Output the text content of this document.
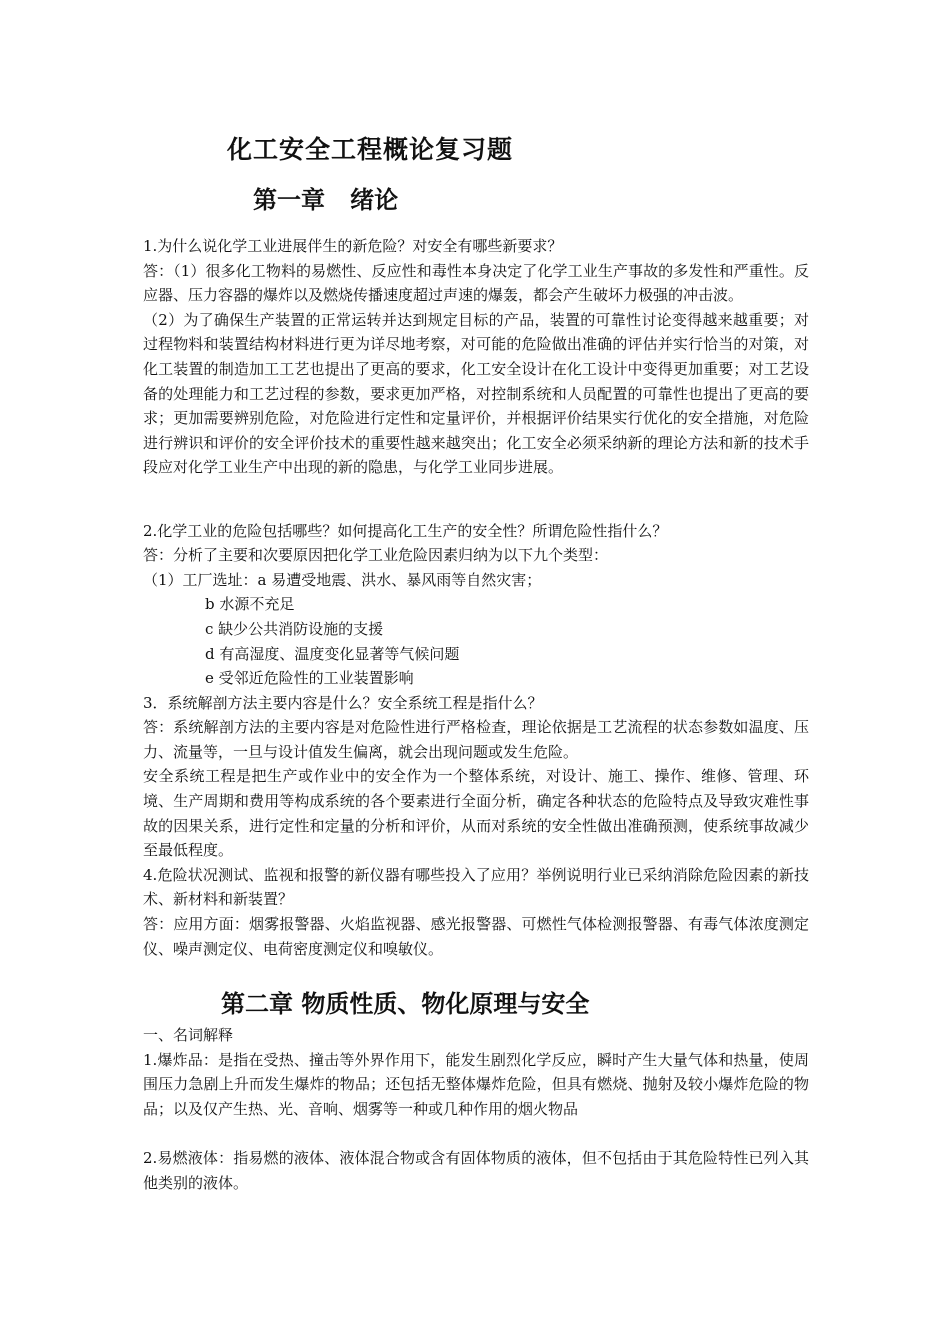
化工安全工程概论复习题
第一章   绪论

1.为什么说化学工业进展伴生的新危险？对安全有哪些新要求？

答：（1）很多化工物料的易燃性、反应性和毒性本身决定了化学工业生产事故的多发性和严重性。反应器、压力容器的爆炸以及燃烧传播速度超过声速的爆轰，都会产生破坏力极强的冲击波。

（2）为了确保生产装置的正常运转并达到规定目标的产品，装置的可靠性讨论变得越来越重要；对过程物料和装置结构材料进行更为详尽地考察，对可能的危险做出准确的评估并实行恰当的对策，对化工装置的制造加工工艺也提出了更高的要求，化工安全设计在化工设计中变得更加重要；对工艺设备的处理能力和工艺过程的参数，要求更加严格，对控制系统和人员配置的可靠性也提出了更高的要求；更加需要辨别危险，对危险进行定性和定量评价，并根据评价结果实行优化的安全措施，对危险进行辨识和评价的安全评价技术的重要性越来越突出；化工安全必须采纳新的理论方法和新的技术手段应对化学工业生产中出现的新的隐患，与化学工业同步进展。

2.化学工业的危险包括哪些？如何提高化工生产的安全性？所谓危险性指什么？

答：分析了主要和次要原因把化学工业危险因素归纳为以下九个类型：

（1）工厂选址：a 易遭受地震、洪水、暴风雨等自然灾害；

b 水源不充足

c 缺少公共消防设施的支援

d 有高湿度、温度变化显著等气候问题

e 受邻近危险性的工业装置影响

3．系统解剖方法主要内容是什么？安全系统工程是指什么？

答：系统解剖方法的主要内容是对危险性进行严格检查，理论依据是工艺流程的状态参数如温度、压力、流量等，一旦与设计值发生偏离，就会出现问题或发生危险。

安全系统工程是把生产或作业中的安全作为一个整体系统，对设计、施工、操作、维修、管理、环境、生产周期和费用等构成系统的各个要素进行全面分析，确定各种状态的危险特点及导致灾难性事故的因果关系，进行定性和定量的分析和评价，从而对系统的安全性做出准确预测，使系统事故减少至最低程度。

4.危险状况测试、监视和报警的新仪器有哪些投入了应用？举例说明行业已采纳消除危险因素的新技术、新材料和新装置？

答：应用方面：烟雾报警器、火焰监视器、感光报警器、可燃性气体检测报警器、有毒气体浓度测定仪、噪声测定仪、电荷密度测定仪和嗅敏仪。

第二章 物质性质、物化原理与安全

一、名词解释

1.爆炸品：是指在受热、撞击等外界作用下，能发生剧烈化学反应，瞬时产生大量气体和热量，使周围压力急剧上升而发生爆炸的物品；还包括无整体爆炸危险，但具有燃烧、抛射及较小爆炸危险的物品；以及仅产生热、光、音响、烟雾等一种或几种作用的烟火物品

2.易燃液体：指易燃的液体、液体混合物或含有固体物质的液体，但不包括由于其危险特性已列入其他类别的液体。
